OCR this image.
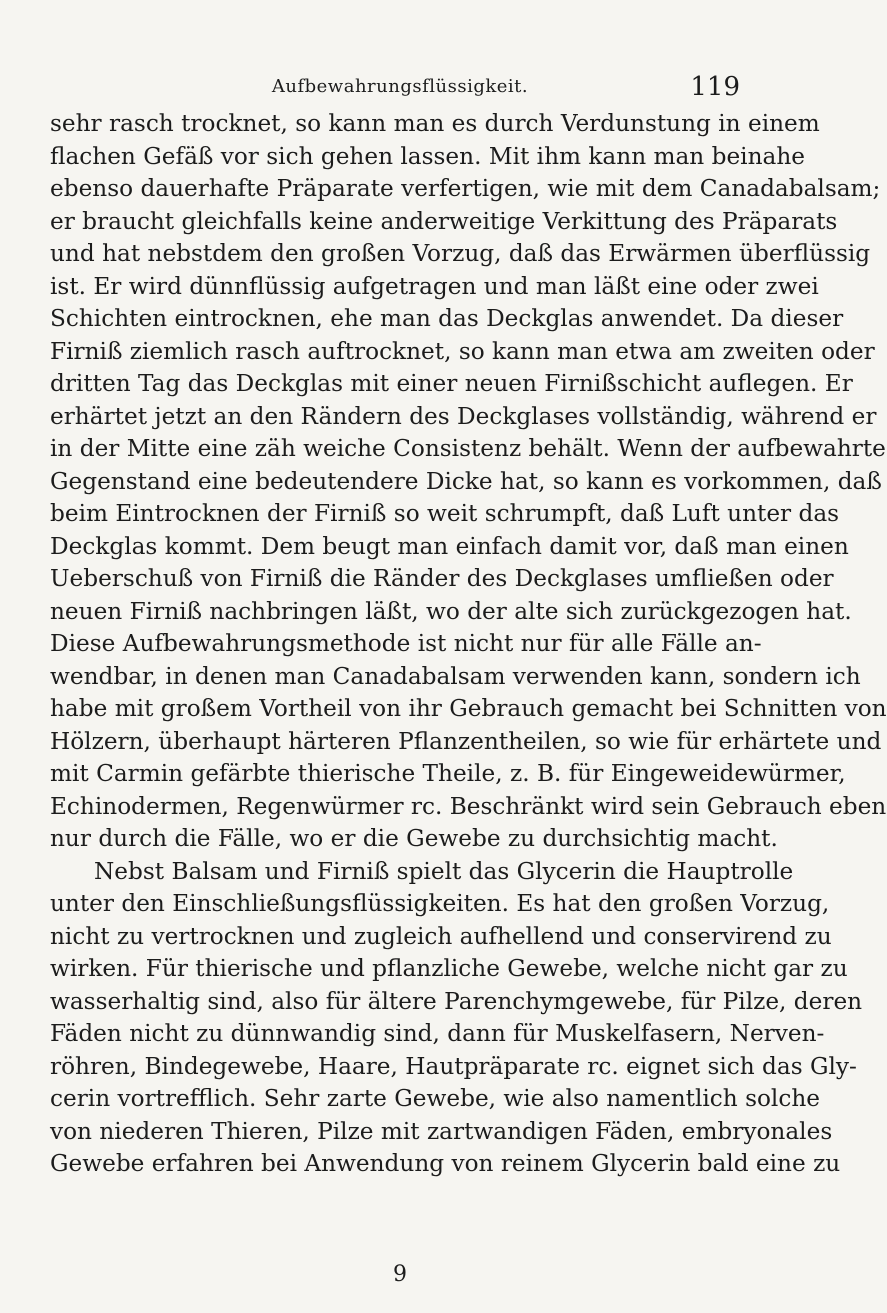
Aufbewahrungsflüssigkeit.	119
sehr rasch trocknet, so kann man es durch Verdunstung in einem
flachen Gefäß vor sich gehen lassen. Mit ihm kann man beinahe
ebenso dauerhafte Präparate verfertigen, wie mit dem Canadabalsam;
er braucht gleichfalls keine anderweitige Verkittung des Präparats
und hat nebstdem den großen Vorzug, daß das Erwärmen überflüssig
ist. Er wird dünnflüssig aufgetragen und man läßt eine oder zwei
Schichten eintrocknen, ehe man das Deckglas anwendet. Da dieser
Firniß ziemlich rasch auftrocknet, so kann man etwa am zweiten oder
dritten Tag das Deckglas mit einer neuen Firnißschicht auflegen. Er
erhärtet jetzt an den Rändern des Deckglases vollständig, während er
in der Mitte eine zäh weiche Consistenz behält. Wenn der aufbewahrte
Gegenstand eine bedeutendere Dicke hat, so kann es vorkommen, daß
beim Eintrocknen der Firniß so weit schrumpft, daß Luft unter das
Deckglas kommt. Dem beugt man einfach damit vor, daß man einen
Ueberschuß von Firniß die Ränder des Deckglases umfließen oder
neuen Firniß nachbringen läßt, wo der alte sich zurückgezogen hat.
Diese Aufbewahrungsmethode ist nicht nur für alle Fälle an-
wendbar, in denen man Canadabalsam verwenden kann, sondern ich
habe mit großem Vortheil von ihr Gebrauch gemacht bei Schnitten von
Hölzern, überhaupt härteren Pflanzentheilen, so wie für erhärtete und
mit Carmin gefärbte thierische Theile, z. B. für Eingeweidewürmer,
Echinodermen, Regenwürmer rc. Beschränkt wird sein Gebrauch eben
nur durch die Fälle, wo er die Gewebe zu durchsichtig macht.
Nebst Balsam und Firniß spielt das Glycerin die Hauptrolle
unter den Einschließungsflüssigkeiten. Es hat den großen Vorzug,
nicht zu vertrocknen und zugleich aufhellend und conservirend zu
wirken. Für thierische und pflanzliche Gewebe, welche nicht gar zu
wasserhaltig sind, also für ältere Parenchymgewebe, für Pilze, deren
Fäden nicht zu dünnwandig sind, dann für Muskelfasern, Nerven-
röhren, Bindegewebe, Haare, Hautpräparate rc. eignet sich das Gly-
cerin vortrefflich. Sehr zarte Gewebe, wie also namentlich solche
von niederen Thieren, Pilze mit zartwandigen Fäden, embryonales
Gewebe erfahren bei Anwendung von reinem Glycerin bald eine zu
9
